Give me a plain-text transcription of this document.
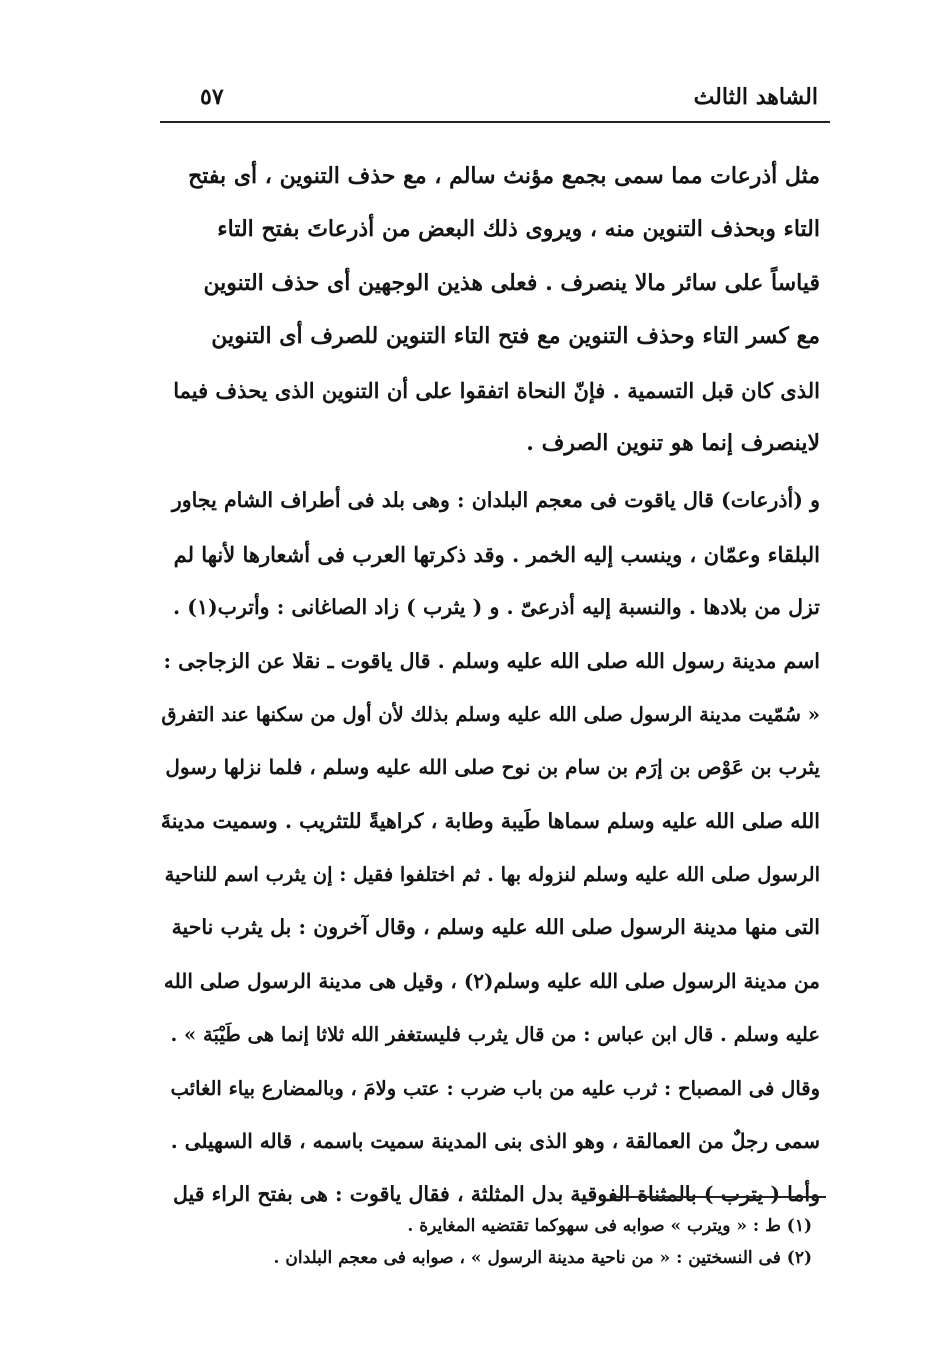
الشاهد الثالث
٥٧
مثل أذرعات مما سمى بجمع مؤنث سالم ، مع حذف التنوين ، أى بفتح
التاء وبحذف التنوين منه ، ويروى ذلك البعض من أذرعاتَ بفتح التاء
قياساً على سائر مالا ينصرف . فعلى هذين الوجهين أى حذف التنوين
مع كسر التاء وحذف التنوين مع فتح التاء التنوين للصرف أى التنوين
الذى كان قبل التسمية . فإنّ النحاة اتفقوا على أن التنوين الذى يحذف فيما
لاينصرف إنما هو تنوين الصرف .
و (أذرعات) قال ياقوت فى معجم البلدان : وهى بلد فى أطراف الشام يجاور
البلقاء وعمّان ، وينسب إليه الخمر . وقد ذكرتها العرب فى أشعارها لأنها لم
تزل من بلادها . والنسبة إليه أذرعىّ . و ( يثرب ) زاد الصاغانى : وأترب(١) .
اسم مدينة رسول الله صلى الله عليه وسلم . قال ياقوت ـ نقلا عن الزجاجى :
« سُمّيت مدينة الرسول صلى الله عليه وسلم بذلك لأن أول من سكنها عند التفرق
يثرب بن عَوْص بن إرَم بن سام بن نوح صلى الله عليه وسلم ، فلما نزلها رسول
الله صلى الله عليه وسلم سماها طَيبة وطابة ، كراهيةً للتثريب . وسميت مدينةَ
الرسول صلى الله عليه وسلم لنزوله بها . ثم اختلفوا فقيل : إن يثرب اسم للناحية
التى منها مدينة الرسول صلى الله عليه وسلم ، وقال آخرون : بل يثرب ناحية
من مدينة الرسول صلى الله عليه وسلم(٢) ، وقيل هى مدينة الرسول صلى الله
عليه وسلم . قال ابن عباس : من قال يثرب فليستغفر الله ثلاثا إنما هى طَيْبَة » .
وقال فى المصباح : ثرب عليه من باب ضرب : عتب ولامَ ، وبالمضارع بياء الغائب
سمى رجلٌ من العمالقة ، وهو الذى بنى المدينة سميت باسمه ، قاله السهيلى .
وأما ( يترب ) بالمثناة الفوقية بدل المثلثة ، فقال ياقوت : هى بفتح الراء قيل
(١) ط : « ويترب » صوابه فى سهوكما تقتضيه المغايرة .
(٢) فى النسختين : « من ناحية مدينة الرسول » ، صوابه فى معجم البلدان .
